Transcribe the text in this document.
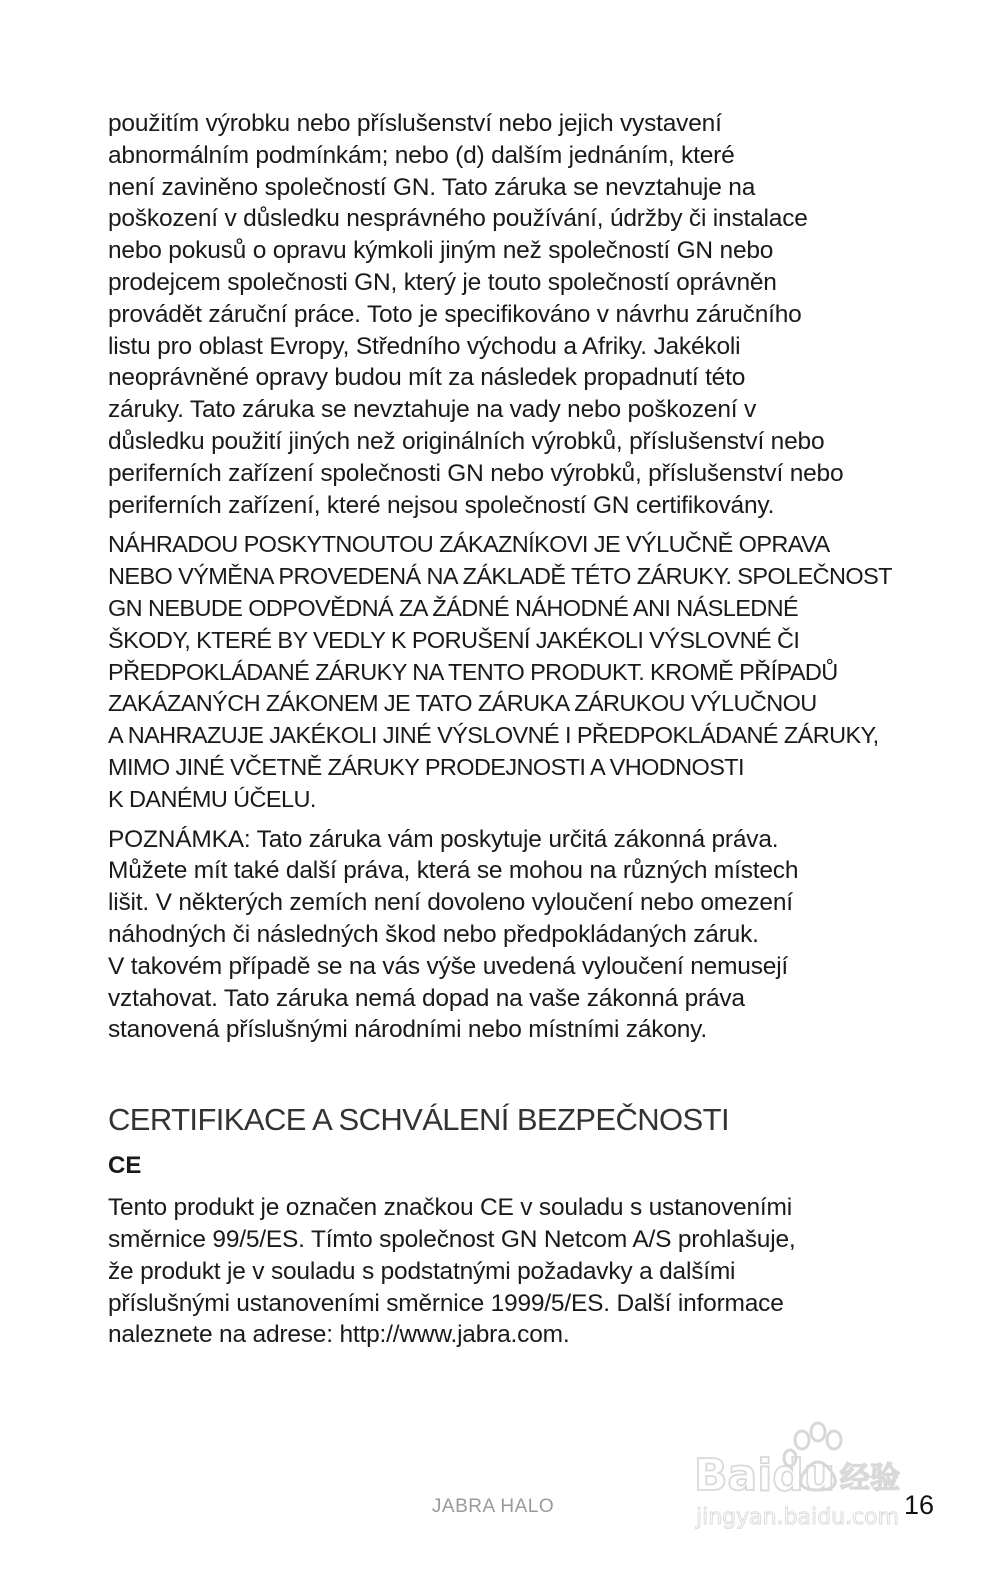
použitím výrobku nebo příslušenství nebo jejich vystavení
abnormálním podmínkám; nebo (d) dalším jednáním, které
není zaviněno společností GN. Tato záruka se nevztahuje na
poškození v důsledku nesprávného používání, údržby či instalace
nebo pokusů o opravu kýmkoli jiným než společností GN nebo
prodejcem společnosti GN, který je touto společností oprávněn
provádět záruční práce. Toto je specifikováno v návrhu záručního
listu pro oblast Evropy, Středního východu a Afriky. Jakékoli
neoprávněné opravy budou mít za následek propadnutí této
záruky. Tato záruka se nevztahuje na vady nebo poškození v
důsledku použití jiných než originálních výrobků, příslušenství nebo
periferních zařízení společnosti GN nebo výrobků, příslušenství nebo
periferních zařízení, které nejsou společností GN certifikovány.

NÁHRADOU POSKYTNOUTOU ZÁKAZNÍKOVI JE VÝLUČNĚ OPRAVA
NEBO VÝMĚNA PROVEDENÁ NA ZÁKLADĚ TÉTO ZÁRUKY. SPOLEČNOST
GN NEBUDE ODPOVĚDNÁ ZA ŽÁDNÉ NÁHODNÉ ANI NÁSLEDNÉ
ŠKODY, KTERÉ BY VEDLY K PORUŠENÍ JAKÉKOLI VÝSLOVNÉ ČI
PŘEDPOKLÁDANÉ ZÁRUKY NA TENTO PRODUKT. KROMĚ PŘÍPADŮ
ZAKÁZANÝCH ZÁKONEM JE TATO ZÁRUKA ZÁRUKOU VÝLUČNOU
A NAHRAZUJE JAKÉKOLI JINÉ VÝSLOVNÉ I PŘEDPOKLÁDANÉ ZÁRUKY,
MIMO JINÉ VČETNĚ ZÁRUKY PRODEJNOSTI A VHODNOSTI
K DANÉMU ÚČELU.

POZNÁMKA: Tato záruka vám poskytuje určitá zákonná práva.
Můžete mít také další práva, která se mohou na různých místech
lišit. V některých zemích není dovoleno vyloučení nebo omezení
náhodných či následných škod nebo předpokládaných záruk.
V takovém případě se na vás výše uvedená vyloučení nemusejí
vztahovat. Tato záruka nemá dopad na vaše zákonná práva
stanovená příslušnými národními nebo místními zákony.

CERTIFIKACE A SCHVÁLENÍ BEZPEČNOSTI
CE

Tento produkt je označen značkou CE v souladu s ustanoveními
směrnice 99/5/ES. Tímto společnost GN Netcom A/S prohlašuje,
že produkt je v souladu s podstatnými požadavky a dalšími
příslušnými ustanoveními směrnice 1999/5/ES. Další informace
naleznete na adrese: http://www.jabra.com.

Baidu 经验
jingyan.baidu.com
JABRA HALO	16
